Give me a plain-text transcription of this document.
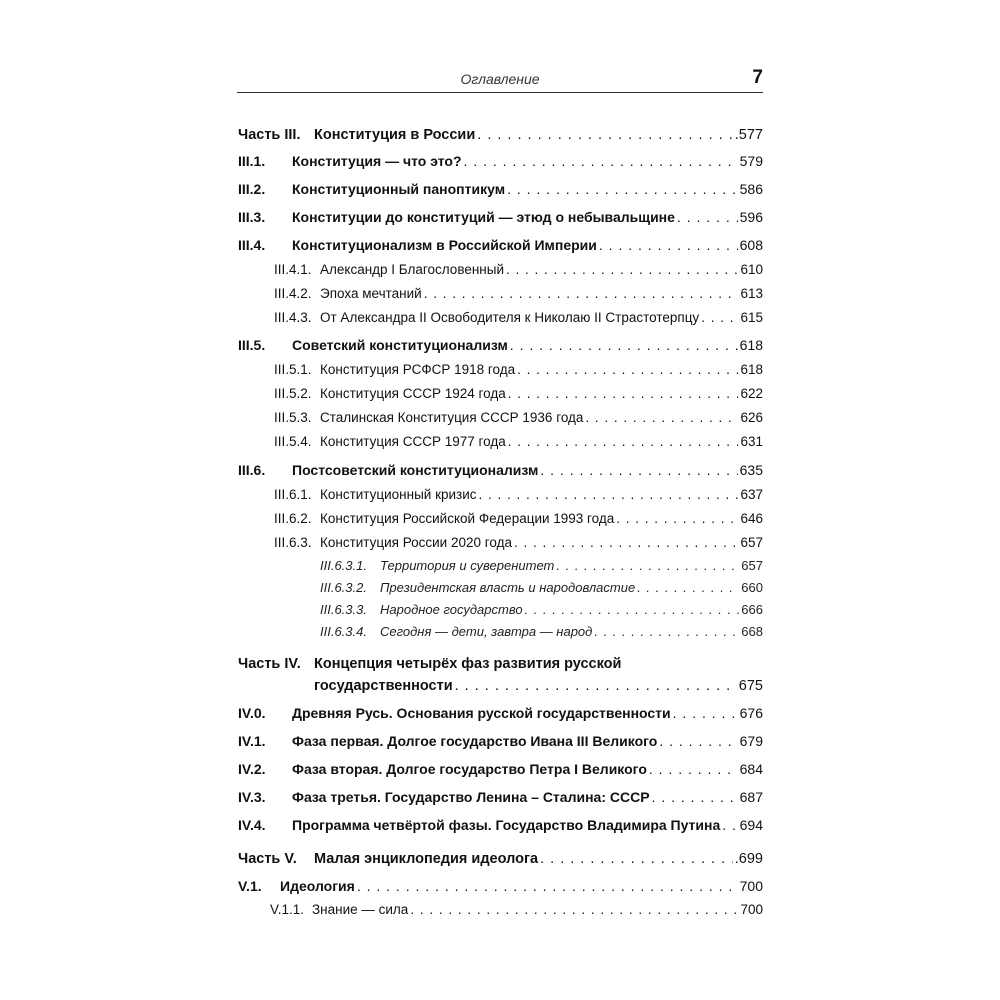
Оглавление	7
Часть III. Конституция в России . . .	.577
III.1. Конституция — что это? . . .	579
III.2. Конституционный паноптикум . . .	586
III.3. Конституции до конституций — этюд о небывальщине . . .	596
III.4. Конституционализм в Российской Империи . . .	608
III.4.1. Александр I Благословенный . . .	610
III.4.2. Эпоха мечтаний . . .	613
III.4.3. От Александра II Освободителя к Николаю II Страстотерпцу . . .	615
III.5. Советский конституционализм . . .	618
III.5.1. Конституция РСФСР 1918 года . . .	618
III.5.2. Конституция СССР 1924 года . . .	622
III.5.3. Сталинская Конституция СССР 1936 года . . .	626
III.5.4. Конституция СССР 1977 года . . .	631
III.6. Постсоветский конституционализм . . .	635
III.6.1. Конституционный кризис . . .	637
III.6.2. Конституция Российской Федерации 1993 года . . .	646
III.6.3. Конституция России 2020 года . . .	657
III.6.3.1. Территория и суверенитет . . .	657
III.6.3.2. Президентская власть и народовластие . . .	660
III.6.3.3. Народное государство . . .	666
III.6.3.4. Сегодня — дети, завтра — народ . . .	668
Часть IV. Концепция четырёх фаз развития русской
государственности . . .	675
IV.0. Древняя Русь. Основания русской государственности . . .	676
IV.1. Фаза первая. Долгое государство Ивана III Великого . . .	679
IV.2. Фаза вторая. Долгое государство Петра I Великого . . .	684
IV.3. Фаза третья. Государство Ленина – Сталина: СССР . . .	687
IV.4. Программа четвёртой фазы. Государство Владимира Путина . . . 694
Часть V. Малая энциклопедия идеолога . . .	.699
V.1. Идеология . . .	700
V.1.1. Знание — сила . . .	700
